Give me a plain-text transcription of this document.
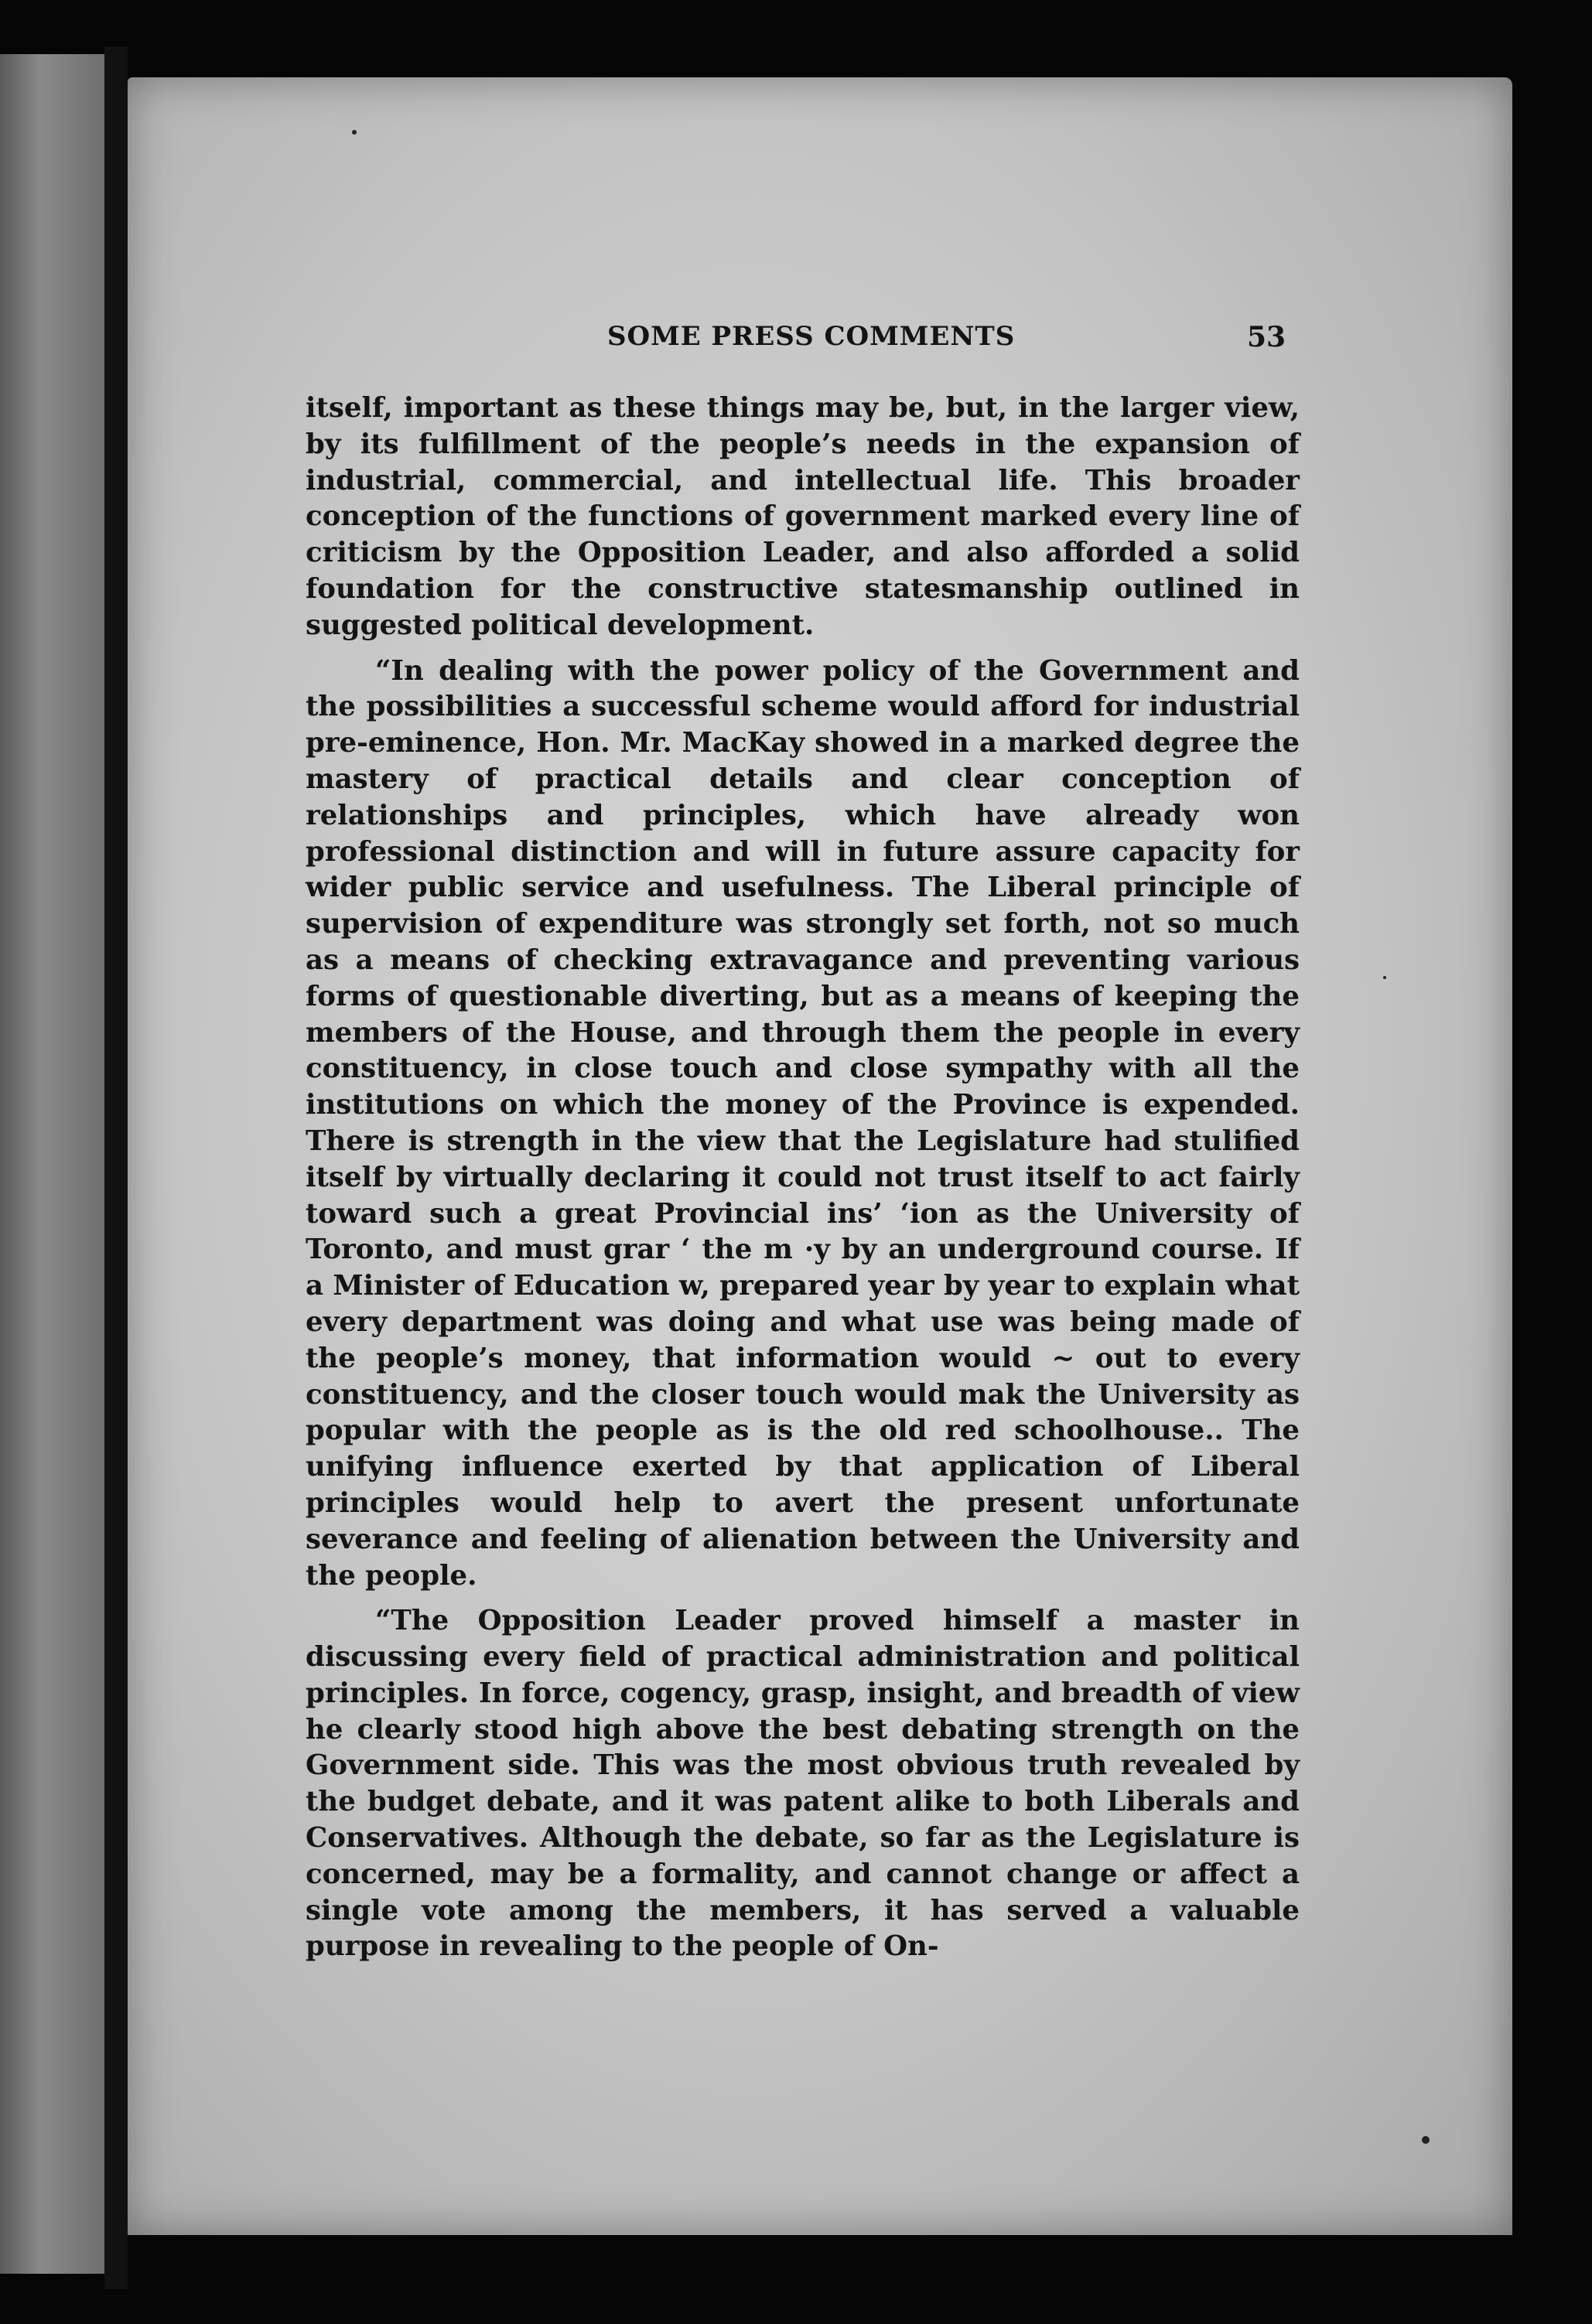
SOME PRESS COMMENTS	53

itself, important as these things may be, but, in the larger view, by its fulfillment of the people’s needs in the expansion of industrial, commercial, and intellectual life. This broader conception of the functions of government marked every line of criticism by the Opposition Leader, and also afforded a solid foundation for the constructive statesmanship outlined in suggested political development.

“In dealing with the power policy of the Government and the possibilities a successful scheme would afford for industrial pre-eminence, Hon. Mr. MacKay showed in a marked degree the mastery of practical details and clear conception of relationships and principles, which have already won professional distinction and will in future assure capacity for wider public service and usefulness. The Liberal principle of supervision of expenditure was strongly set forth, not so much as a means of checking extravagance and preventing various forms of questionable diverting, but as a means of keeping the members of the House, and through them the people in every constituency, in close touch and close sympathy with all the institutions on which the money of the Province is expended. There is strength in the view that the Legislature had stulified itself by virtually declaring it could not trust itself to act fairly toward such a great Provincial ins’ ‘ion as the University of Toronto, and must grar ‘ the m ·y by an underground course. If a Minister of Education w, prepared year by year to explain what every department was doing and what use was being made of the people’s money, that information would ~ out to every constituency, and the closer touch would mak the University as popular with the people as is the old red schoolhouse.. The unifying influence exerted by that application of Liberal principles would help to avert the present unfortunate severance and feeling of alienation between the University and the people.

“The Opposition Leader proved himself a master in discussing every field of practical administration and political principles. In force, cogency, grasp, insight, and breadth of view he clearly stood high above the best debating strength on the Government side. This was the most obvious truth revealed by the budget debate, and it was patent alike to both Liberals and Conservatives. Although the debate, so far as the Legislature is concerned, may be a formality, and cannot change or affect a single vote among the members, it has served a valuable purpose in revealing to the people of On-
